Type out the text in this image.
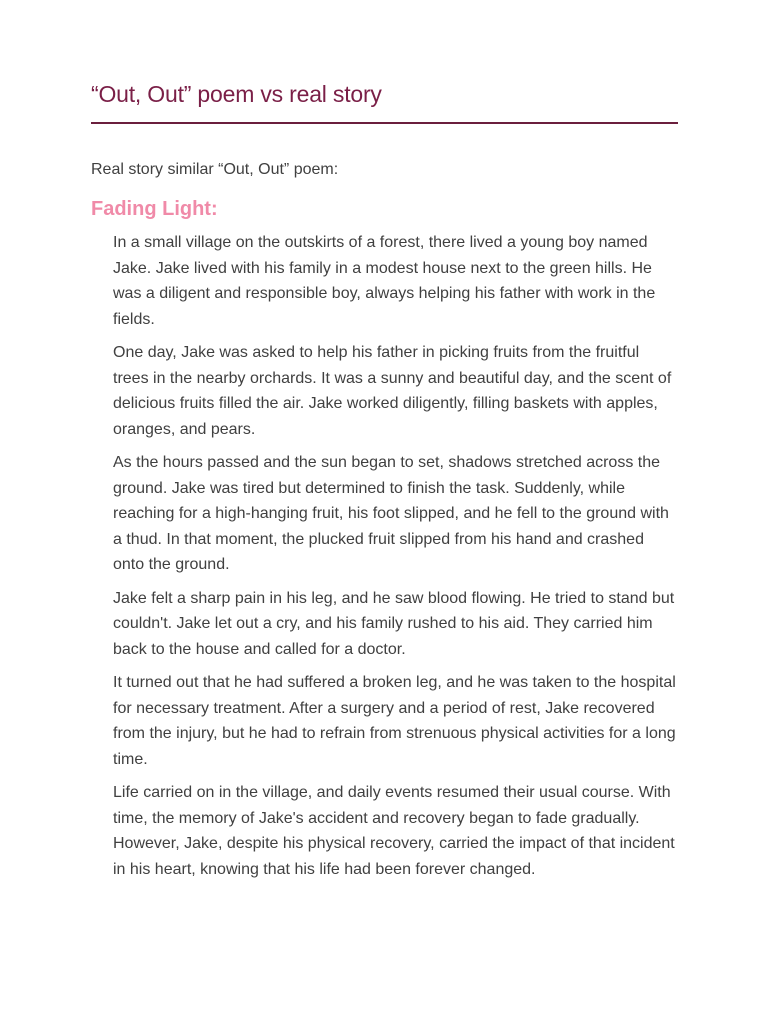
“Out, Out” poem vs real story

Real story similar “Out, Out” poem:

Fading Light:

In a small village on the outskirts of a forest, there lived a young boy named Jake. Jake lived with his family in a modest house next to the green hills. He was a diligent and responsible boy, always helping his father with work in the fields.

One day, Jake was asked to help his father in picking fruits from the fruitful trees in the nearby orchards. It was a sunny and beautiful day, and the scent of delicious fruits filled the air. Jake worked diligently, filling baskets with apples, oranges, and pears.

As the hours passed and the sun began to set, shadows stretched across the ground. Jake was tired but determined to finish the task. Suddenly, while reaching for a high-hanging fruit, his foot slipped, and he fell to the ground with a thud. In that moment, the plucked fruit slipped from his hand and crashed onto the ground.

Jake felt a sharp pain in his leg, and he saw blood flowing. He tried to stand but couldn't. Jake let out a cry, and his family rushed to his aid. They carried him back to the house and called for a doctor.

It turned out that he had suffered a broken leg, and he was taken to the hospital for necessary treatment. After a surgery and a period of rest, Jake recovered from the injury, but he had to refrain from strenuous physical activities for a long time.

Life carried on in the village, and daily events resumed their usual course. With time, the memory of Jake's accident and recovery began to fade gradually. However, Jake, despite his physical recovery, carried the impact of that incident in his heart, knowing that his life had been forever changed.
